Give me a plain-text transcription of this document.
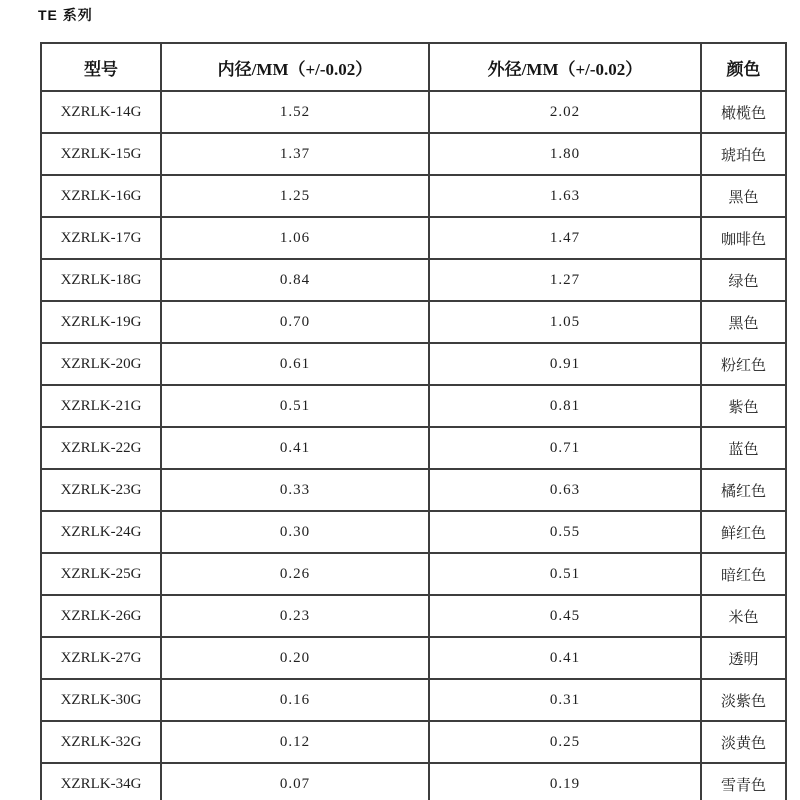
TE 系列
型号	内径/MM（+/-0.02）	外径/MM（+/-0.02）	颜色
XZRLK-14G	1.52	2.02	橄榄色
XZRLK-15G	1.37	1.80	琥珀色
XZRLK-16G	1.25	1.63	黑色
XZRLK-17G	1.06	1.47	咖啡色
XZRLK-18G	0.84	1.27	绿色
XZRLK-19G	0.70	1.05	黑色
XZRLK-20G	0.61	0.91	粉红色
XZRLK-21G	0.51	0.81	紫色
XZRLK-22G	0.41	0.71	蓝色
XZRLK-23G	0.33	0.63	橘红色
XZRLK-24G	0.30	0.55	鲜红色
XZRLK-25G	0.26	0.51	暗红色
XZRLK-26G	0.23	0.45	米色
XZRLK-27G	0.20	0.41	透明
XZRLK-30G	0.16	0.31	淡紫色
XZRLK-32G	0.12	0.25	淡黄色
XZRLK-34G	0.07	0.19	雪青色
